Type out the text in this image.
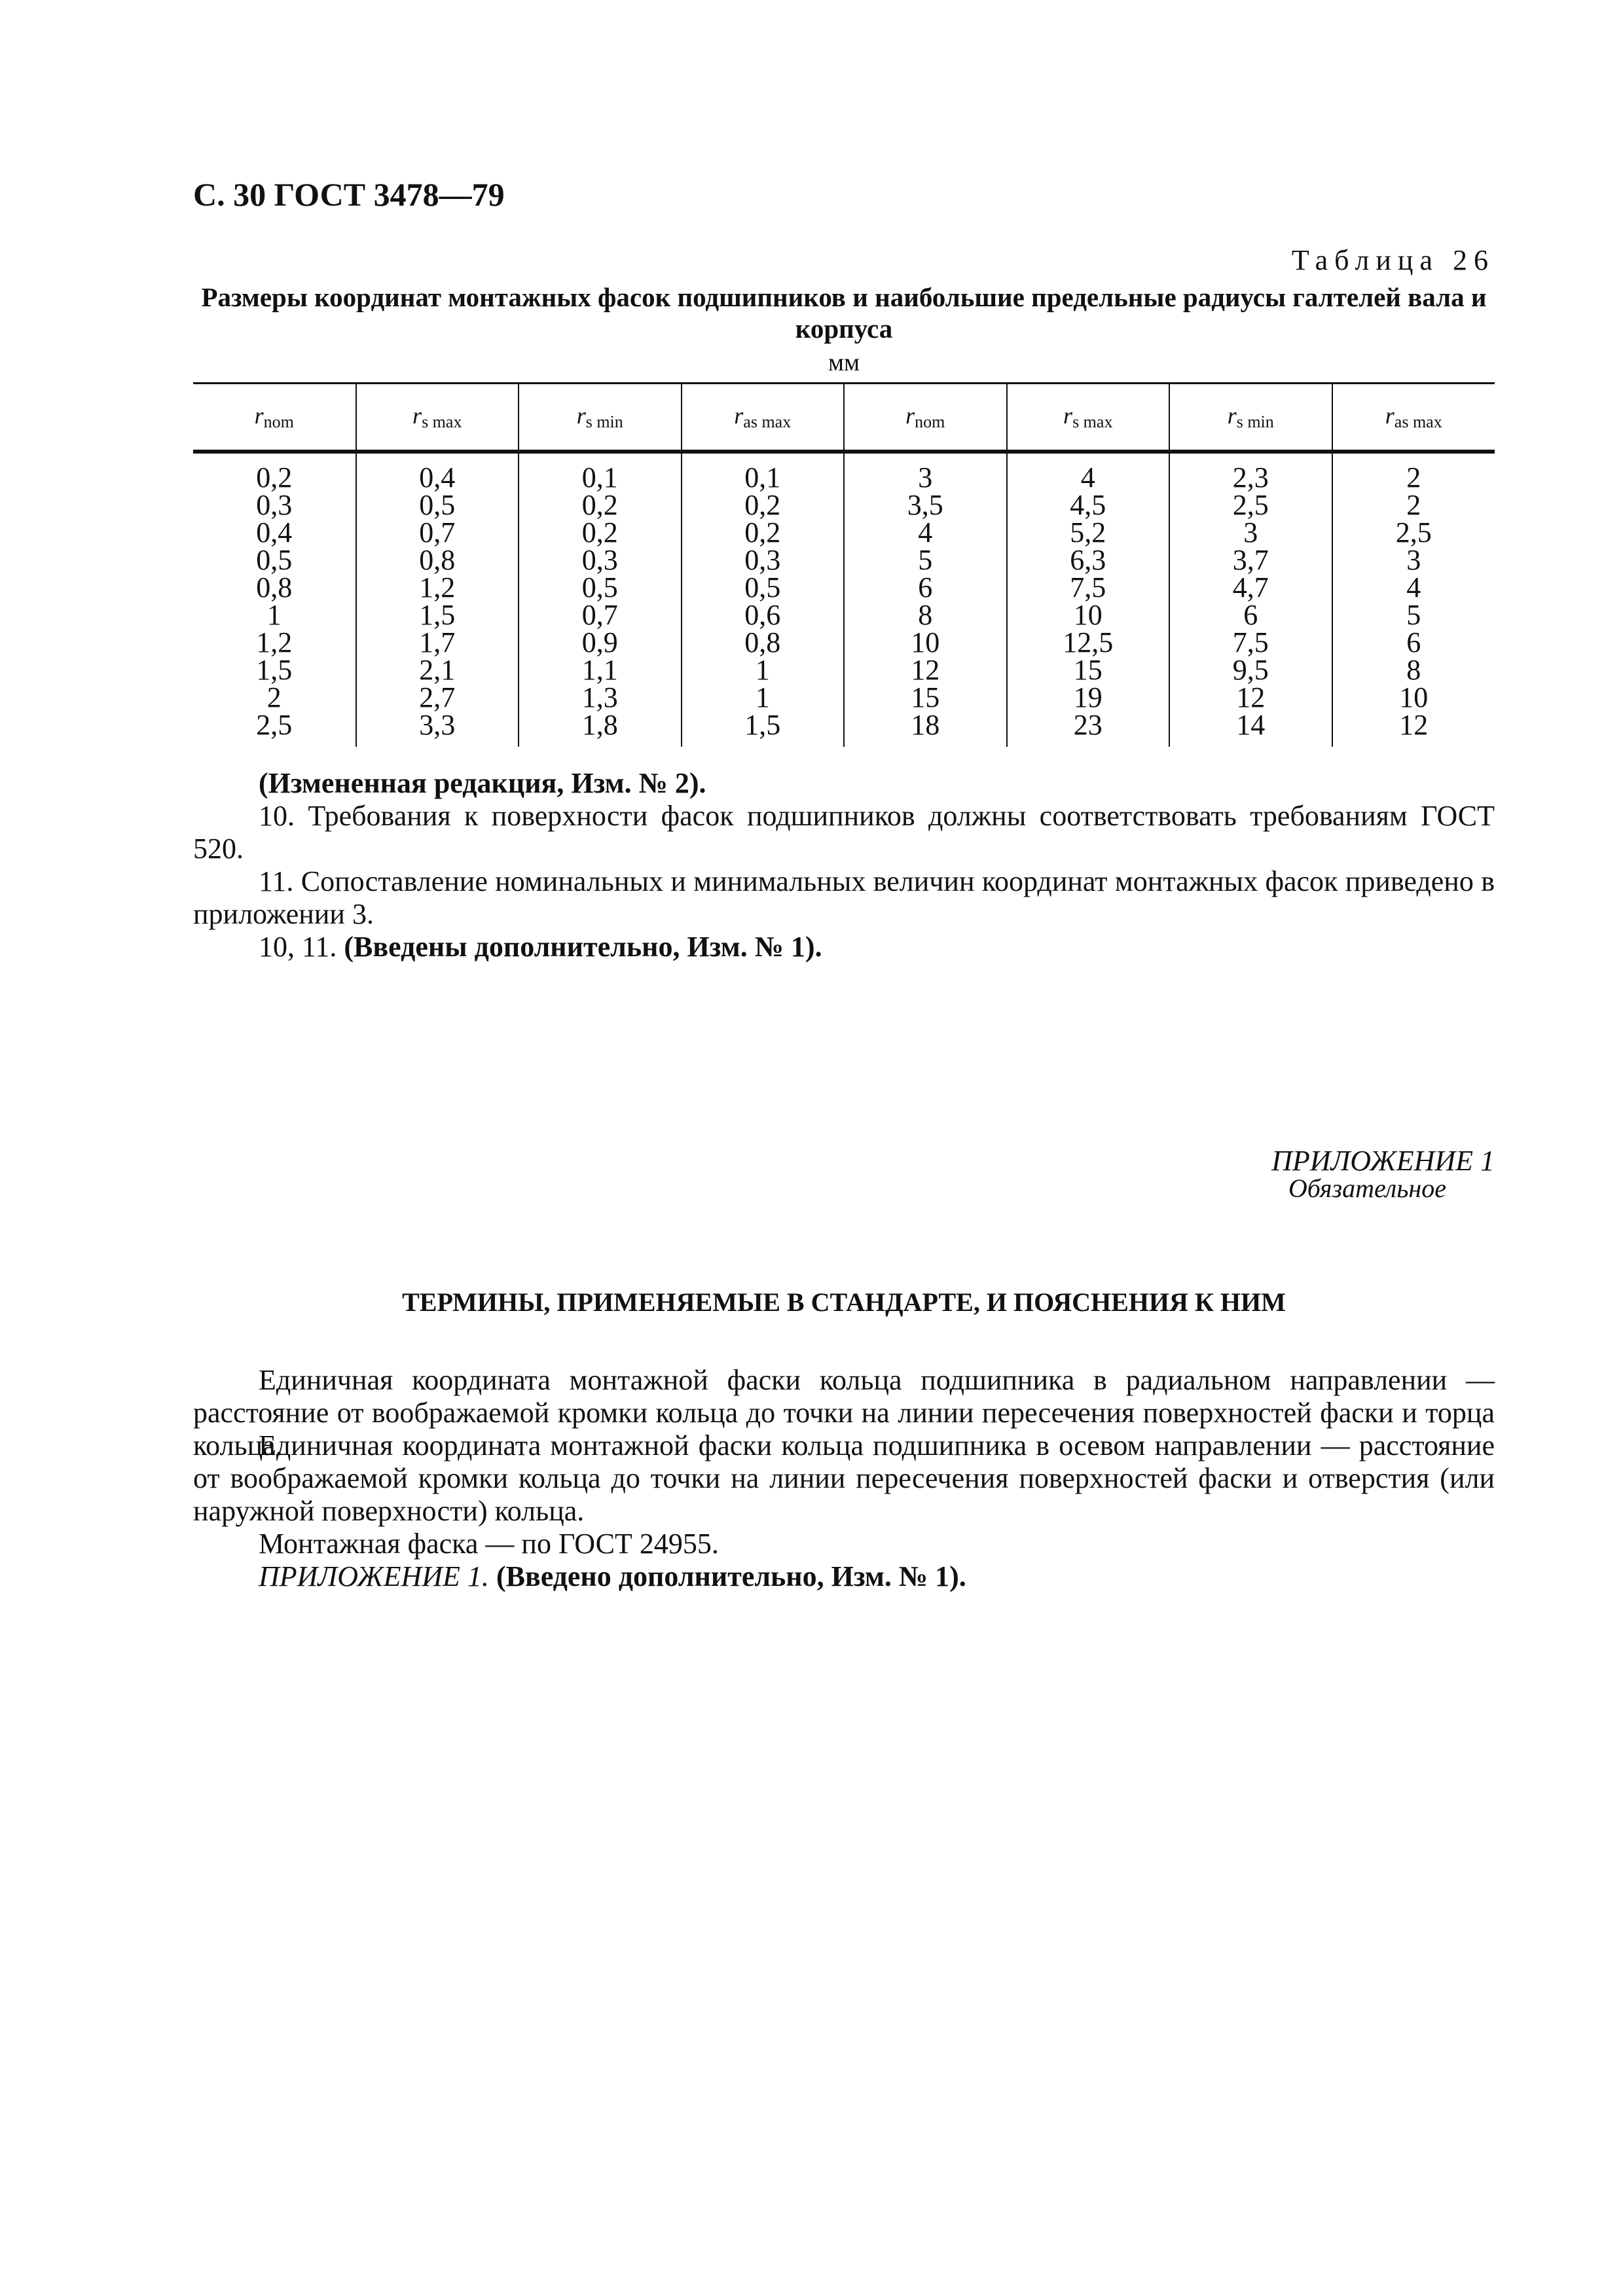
С. 30 ГОСТ 3478—79
Таблица 26
Размеры координат монтажных фасок подшипников и наибольшие предельные радиусы галтелей вала и корпуса
мм
$r_{nom}$	$r_{s max}$	$r_{s min}$	$r_{as max}$	$r_{nom}$	$r_{s max}$	$r_{s min}$	$r_{as max}$
0,2	0,4	0,1	0,1	3	4	2,3	2
0,3	0,5	0,2	0,2	3,5	4,5	2,5	2
0,4	0,7	0,2	0,2	4	5,2	3	2,5
0,5	0,8	0,3	0,3	5	6,3	3,7	3
0,8	1,2	0,5	0,5	6	7,5	4,7	4
1	1,5	0,7	0,6	8	10	6	5
1,2	1,7	0,9	0,8	10	12,5	7,5	6
1,5	2,1	1,1	1	12	15	9,5	8
2	2,7	1,3	1	15	19	12	10
2,5	3,3	1,8	1,5	18	23	14	12
(Измененная редакция, Изм. № 2).
10. Требования к поверхности фасок подшипников должны соответствовать требованиям ГОСТ 520.
11. Сопоставление номинальных и минимальных величин координат монтажных фасок приведено в приложении 3.
10, 11. (Введены дополнительно, Изм. № 1).
ПРИЛОЖЕНИЕ 1
Обязательное
ТЕРМИНЫ, ПРИМЕНЯЕМЫЕ В СТАНДАРТЕ, И ПОЯСНЕНИЯ К НИМ
Единичная координата монтажной фаски кольца подшипника в радиальном направлении — расстояние от воображаемой кромки кольца до точки на линии пересечения поверхностей фаски и торца кольца.
Единичная координата монтажной фаски кольца подшипника в осевом направлении — расстояние от воображаемой кромки кольца до точки на линии пересечения поверхностей фаски и отверстия (или наружной поверхности) кольца.
Монтажная фаска — по ГОСТ 24955.
ПРИЛОЖЕНИЕ 1. (Введено дополнительно, Изм. № 1).
